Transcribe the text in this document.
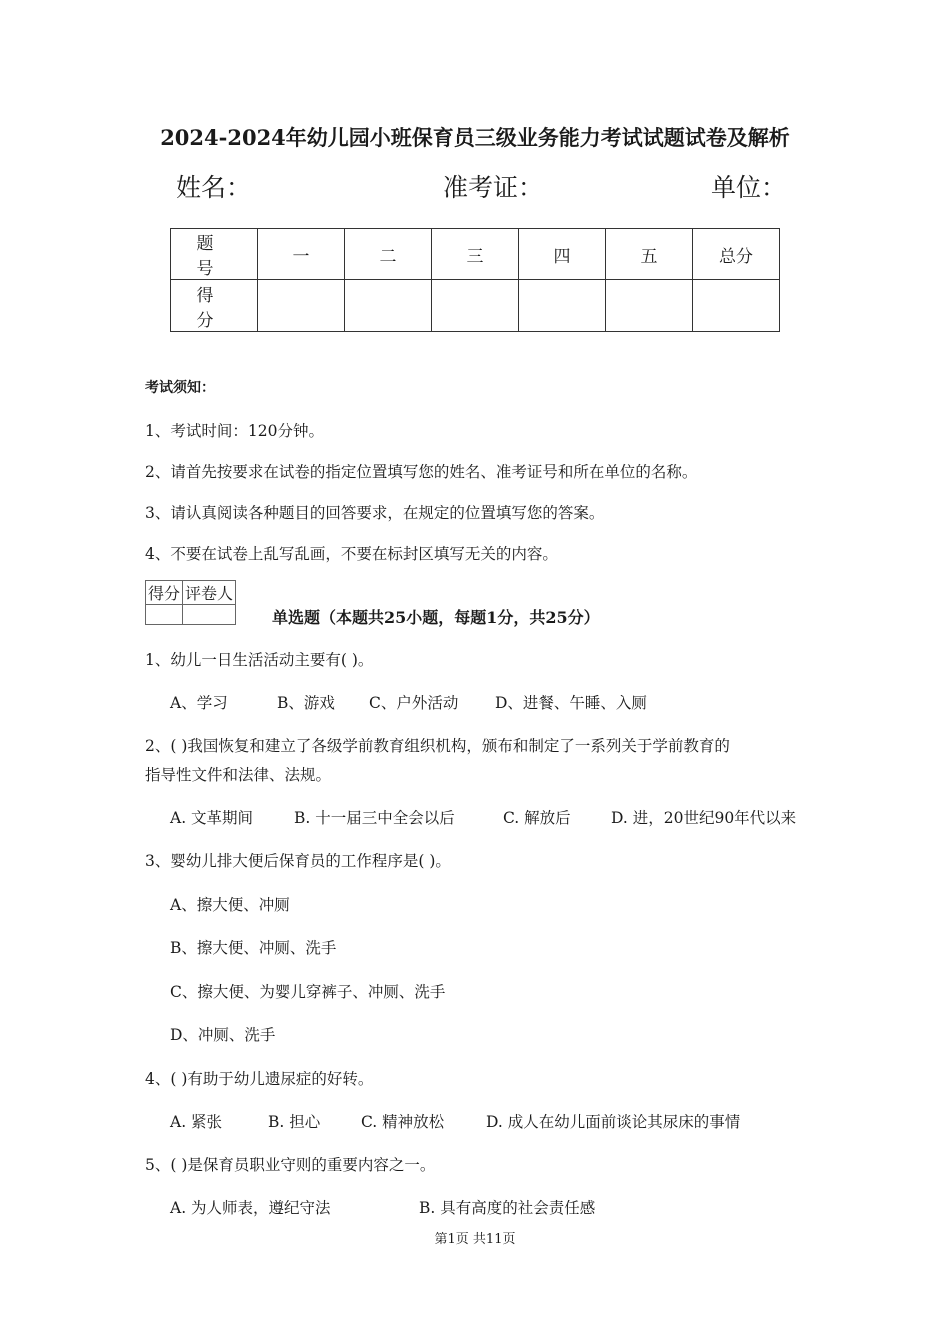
2024-2024年幼儿园小班保育员三级业务能力考试试题试卷及解析
姓名：	准考证：	单位：
题 号	一	二	三	四	五	总分
得 分						
考试须知：
1、考试时间：120分钟。
2、请首先按要求在试卷的指定位置填写您的姓名、准考证号和所在单位的名称。
3、请认真阅读各种题目的回答要求，在规定的位置填写您的答案。
4、不要在试卷上乱写乱画，不要在标封区填写无关的内容。
得分	评卷人

单选题（本题共25小题，每题1分，共25分）
1、幼儿一日生活活动主要有( )。
A、学习	B、游戏 C、户外活动 D、进餐、午睡、入厕
2、( )我国恢复和建立了各级学前教育组织机构，颁布和制定了一系列关于学前教育的
指导性文件和法律、法规。
A. 文革期间	B. 十一届三中全会以后	C. 解放后	D. 进，20世纪90年代以来
3、婴幼儿排大便后保育员的工作程序是( )。
A、擦大便、冲厕
B、擦大便、冲厕、洗手
C、擦大便、为婴儿穿裤子、冲厕、洗手
D、冲厕、洗手
4、( )有助于幼儿遗尿症的好转。
A. 紧张	B. 担心	C. 精神放松	D. 成人在幼儿面前谈论其尿床的事情
5、( )是保育员职业守则的重要内容之一。
A. 为人师表，遵纪守法	B. 具有高度的社会责任感
第1页 共11页
